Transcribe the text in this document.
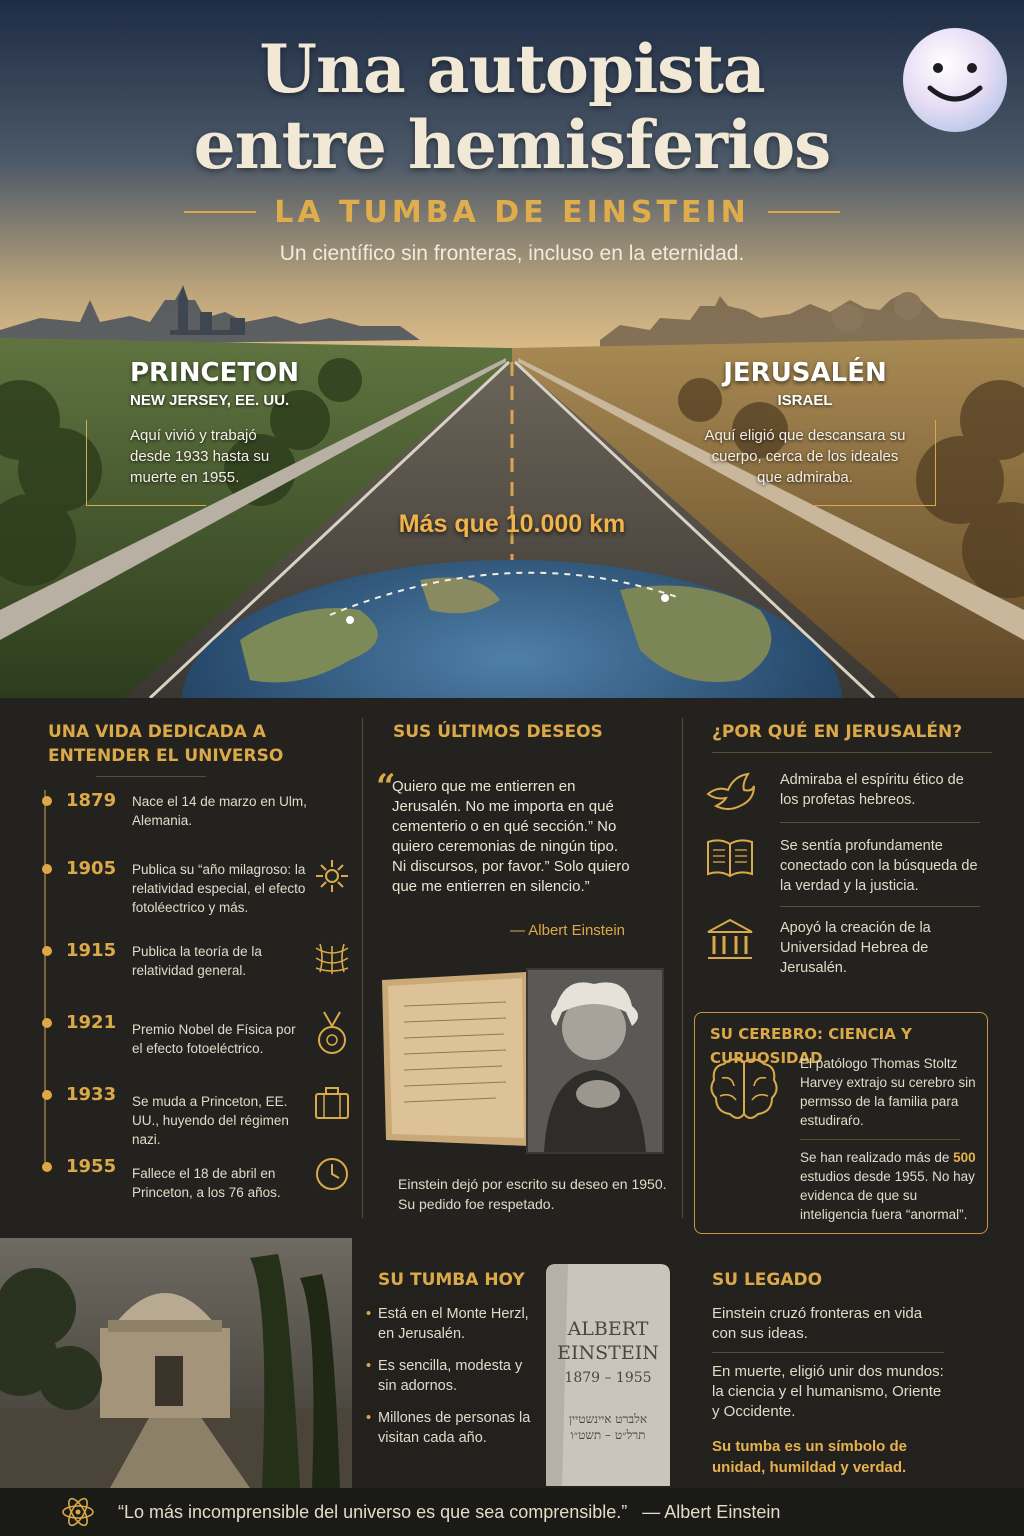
Una autopista
entre hemisferios
LA TUMBA DE EINSTEIN
Un científico sin fronteras, incluso en la eternidad.
PRINCETON
NEW JERSEY, EE. UU.
Aquí vivió y trabajó desde 1933 hasta su muerte en 1955.
JERUSALÉN
ISRAEL
Aquí eligió que descansara su cuerpo, cerca de los ideales que admiraba.
Más que 10.000 km
UNA VIDA DEDICADA A ENTENDER EL UNIVERSO
1879 Nace el 14 de marzo en Ulm, Alemania.
1905 Publica su “año milagroso: la relatividad especial, el efecto fotoléectrico y más.
1915 Publica la teoría de la relatividad general.
1921 Premio Nobel de Física por el efecto fotoeléctrico.
1933 Se muda a Princeton, EE. UU., huyendo del régimen nazi.
1955 Fallece el 18 de abril en Princeton, a los 76 años.
SUS ÚLTIMOS DESEOS
“
Quiero que me entierren en Jerusalén. No me importa en qué cementerio o en qué sección.” No quiero ceremonias de ningún tipo. Ni discursos, por favor.” Solo quiero que me entierren en silencio.”
— Albert Einstein
Einstein dejó por escrito su deseo en 1950. Su pedido foe respetado.
¿POR QUÉ EN JERUSALÉN?
Admiraba el espíritu ético de los profetas hebreos.
Se sentía profundamente conectado con la búsqueda de la verdad y la justicia.
Apoyó la creación de la Universidad Hebrea de Jerusalén.
SU CEREBRO: CIENCIA Y CURUOSIDAD
El patólogo Thomas Stoltz Harvey extrajo su cerebro sin permsso de la familia para estudiraŕo.
Se han realizado más de 500 estudios desde 1955. No hay evidenca de que su inteligencia fuera “anormal”.
SU TUMBA HOY
• Está en el Monte Herzl, en Jerusalén.
• Es sencilla, modesta y sin adornos.
• Millones de personas la visitan cada año.
ALBERT
EINSTEIN
1879 – 1955
אלברט איינשטיין
תרל״ט – תשט״ו
SU LEGADO
Einstein cruzó fronteras en vida con sus ideas.
En muerte, eligió unir dos mundos: la ciencia y el humanismo, Oriente y Occidente.
Su tumba es un símbolo de unidad, humildad y verdad.
“Lo más incomprensible del universo es que sea comprensible.” — Albert Einstein
